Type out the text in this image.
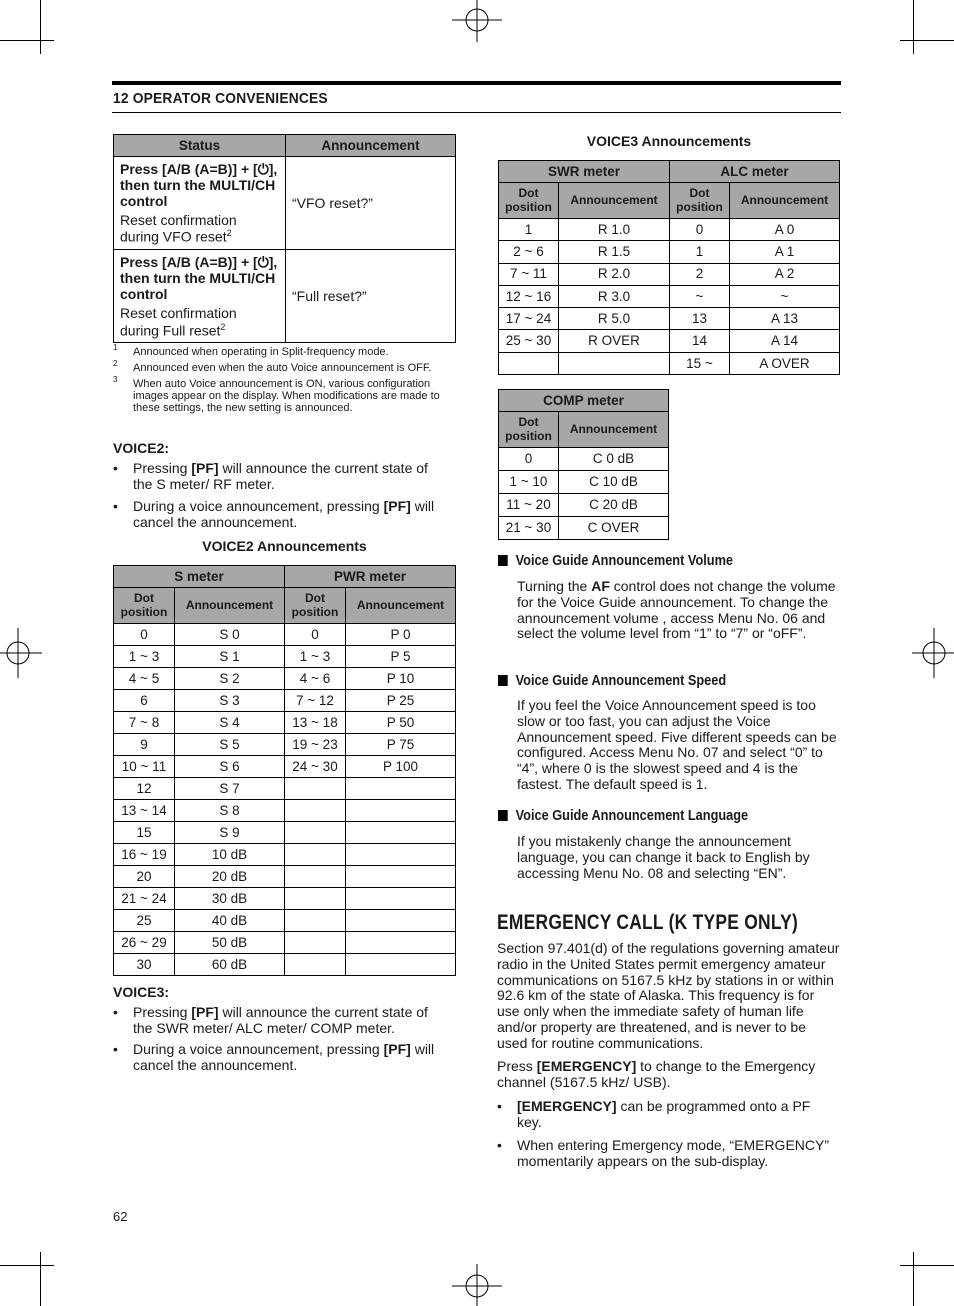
12 OPERATOR CONVENIENCES
Status	Announcement

Press [A/B (A=B)] + [⏻], then turn the MULTI/CH control
Reset confirmation during VFO reset$^2$	“VFO reset?”

Press [A/B (A=B)] + [⏻], then turn the MULTI/CH control
Reset confirmation during Full reset$^2$	“Full reset?”
1 Announced when operating in Split-frequency mode.
2 Announced even when the auto Voice announcement is OFF.
3 When auto Voice announcement is ON, various configuration images appear on the display. When modifications are made to these settings, the new setting is announced.
VOICE2:
• Pressing [PF] will announce the current state of the S meter/ RF meter.
• During a voice announcement, pressing [PF] will cancel the announcement.
VOICE2 Announcements
S meter		PWR meter	
Dot position	Announcement	Dot position	Announcement
0	S 0	0	P 0
1 ~ 3	S 1	1 ~ 3	P 5
4 ~ 5	S 2	4 ~ 6	P 10
6	S 3	7 ~ 12	P 25
7 ~ 8	S 4	13 ~ 18	P 50
9	S 5	19 ~ 23	P 75
10 ~ 11	S 6	24 ~ 30	P 100
12	S 7		
13 ~ 14	S 8		
15	S 9		
16 ~ 19	10 dB		
20	20 dB		
21 ~ 24	30 dB		
25	40 dB		
26 ~ 29	50 dB		
30	60 dB		
VOICE3:
• Pressing [PF] will announce the current state of the SWR meter/ ALC meter/ COMP meter.
• During a voice announcement, pressing [PF] will cancel the announcement.
VOICE3 Announcements
SWR meter		ALC meter	
Dot position	Announcement	Dot position	Announcement
1	R 1.0	0	A 0
2 ~ 6	R 1.5	1	A 1
7 ~ 11	R 2.0	2	A 2
12 ~ 16	R 3.0	~	~
17 ~ 24	R 5.0	13	A 13
25 ~ 30	R OVER	14	A 14
		15 ~	A OVER
COMP meter	
Dot position	Announcement
0	C 0 dB
1 ~ 10	C 10 dB
11 ~ 20	C 20 dB
21 ~ 30	C OVER
Voice Guide Announcement Volume
Turning the AF control does not change the volume for the Voice Guide announcement. To change the announcement volume , access Menu No. 06 and select the volume level from “1” to “7” or “oFF”.
Voice Guide Announcement Speed
If you feel the Voice Announcement speed is too slow or too fast, you can adjust the Voice Announcement speed. Five different speeds can be configured. Access Menu No. 07 and select “0” to “4”, where 0 is the slowest speed and 4 is the fastest. The default speed is 1.
Voice Guide Announcement Language
If you mistakenly change the announcement language, you can change it back to English by accessing Menu No. 08 and selecting “EN”.
EMERGENCY CALL (K TYPE ONLY)
Section 97.401(d) of the regulations governing amateur radio in the United States permit emergency amateur communications on 5167.5 kHz by stations in or within 92.6 km of the state of Alaska. This frequency is for use only when the immediate safety of human life and/or property are threatened, and is never to be used for routine communications.
Press [EMERGENCY] to change to the Emergency channel (5167.5 kHz/ USB).
• [EMERGENCY] can be programmed onto a PF key.
• When entering Emergency mode, “EMERGENCY” momentarily appears on the sub-display.
62
